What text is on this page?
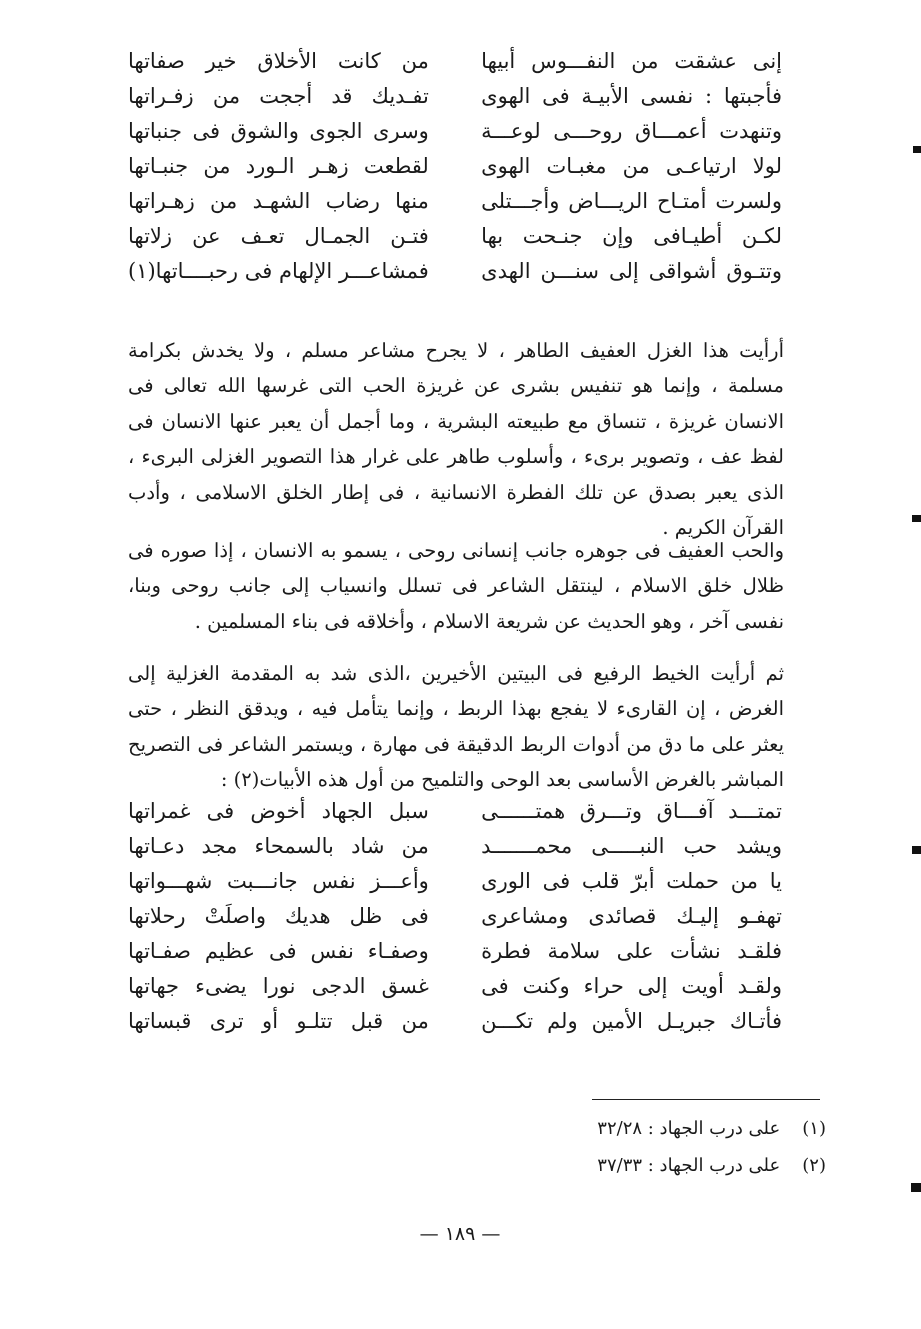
إنى عشقت من النفـــوس أبيها
من كانت الأخلاق خير صفاتها
فأجبتها : نفسى الأبيـة فى الهوى
تفـديك قد أججت من زفـراتها
وتنهدت أعمـــاق روحـــى لوعـــة
وسرى الجوى والشوق فى جنباتها
لولا ارتياعـى من مغبـات الهوى
لقطعت زهـر الـورد من جنبـاتها
ولسرت أمتـاح الريـــاض وأجـــتلى
منها رضاب الشهـد من زهـراتها
لكـن أطيـافى وإن جنـحت بها
فتـن الجمـال تعـف عن زلاتها
وتتـوق أشواقى إلى سنـــن الهدى
فمشاعـــر الإلهام فى رحبــــاتها(١)

أرأيت هذا الغزل العفيف الطاهر ، لا يجرح مشاعر مسلم ، ولا يخدش بكرامة مسلمة ، وإنما هو تنفيس بشرى عن غريزة الحب التى غرسها الله تعالى فى الانسان غريزة ، تنساق مع طبيعته البشرية ، وما أجمل أن يعبر عنها الانسان فى لفظ عف ، وتصوير برىء ، وأسلوب طاهر على غرار هذا التصوير الغزلى البرىء ، الذى يعبر بصدق عن تلك الفطرة الانسانية ، فى إطار الخلق الاسلامى ، وأدب القرآن الكريم .

والحب العفيف فى جوهره جانب إنسانى روحى ، يسمو به الانسان ، إذا صوره فى ظلال خلق الاسلام ، لينتقل الشاعر فى تسلل وانسياب إلى جانب روحى وبنا، نفسى آخر ، وهو الحديث عن شريعة الاسلام ، وأخلاقه فى بناء المسلمين .

ثم أرأيت الخيط الرفيع فى البيتين الأخيرين ،الذى شد به المقدمة الغزلية إلى الغرض ، إن القارىء لا يفجع بهذا الربط ، وإنما يتأمل فيه ، ويدقق النظر ، حتى يعثر على ما دق من أدوات الربط الدقيقة فى مهارة ، ويستمر الشاعر فى التصريح المباشر بالغرض الأساسى بعد الوحى والتلميح من أول هذه الأبيات(٢) :

تمتـــد آفـــاق وتـــرق همتــــــى
سبل الجهاد أخوض فى غمراتها
ويشد حب النبـــــى محمـــــــد
من شاد بالسمحاء مجد دعـاتها
يا من حملت أبرّ قلب فى الورى
وأعـــز نفس جانـــبت شهـــواتها
تهفـو إليـك قصائدى ومشاعرى
فى ظل هديك واصلَتْ رحلاتها
فلقـد نشأت على سلامة فطرة
وصفـاء نفس فى عظيم صفـاتها
ولقـد أويت إلى حراء وكنت فى
غسق الدجى نورا يضىء جهاتها
فأتـاك جبريـل الأمين ولم تكـــن
من قبل تتلـو أو ترى قبساتها
(١) على درب الجهاد : ٣٢/٢٨
(٢) على درب الجهاد : ٣٧/٣٣
— ١٨٩ —
